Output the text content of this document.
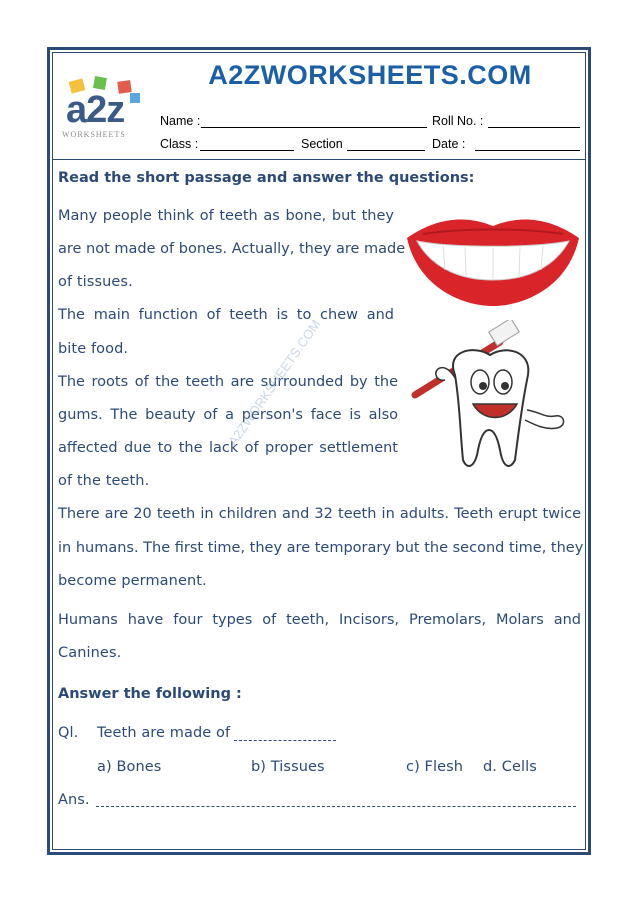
a2z
WORKSHEETS
A2ZWORKSHEETS.COM
Name :	Roll No. :
Class :	Section	Date :
Read the short passage and answer the questions:
Many people think of teeth as bone, but they
are not made of bones. Actually, they are made
of tissues.
The main function of teeth is to chew and
bite food.
The roots of the teeth are surrounded by the
gums. The beauty of a person's face is also
affected due to the lack of proper settlement
of the teeth.
There are 20 teeth in children and 32 teeth in adults. Teeth erupt twice
in humans. The first time, they are temporary but the second time, they
become permanent.
Humans have four types of teeth, Incisors, Premolars, Molars and
Canines.
A2ZWORKSHEETS.COM
Answer the following :
Ql. Teeth are made of
a) Bones	b) Tissues	c) Flesh d. Cells
Ans.
